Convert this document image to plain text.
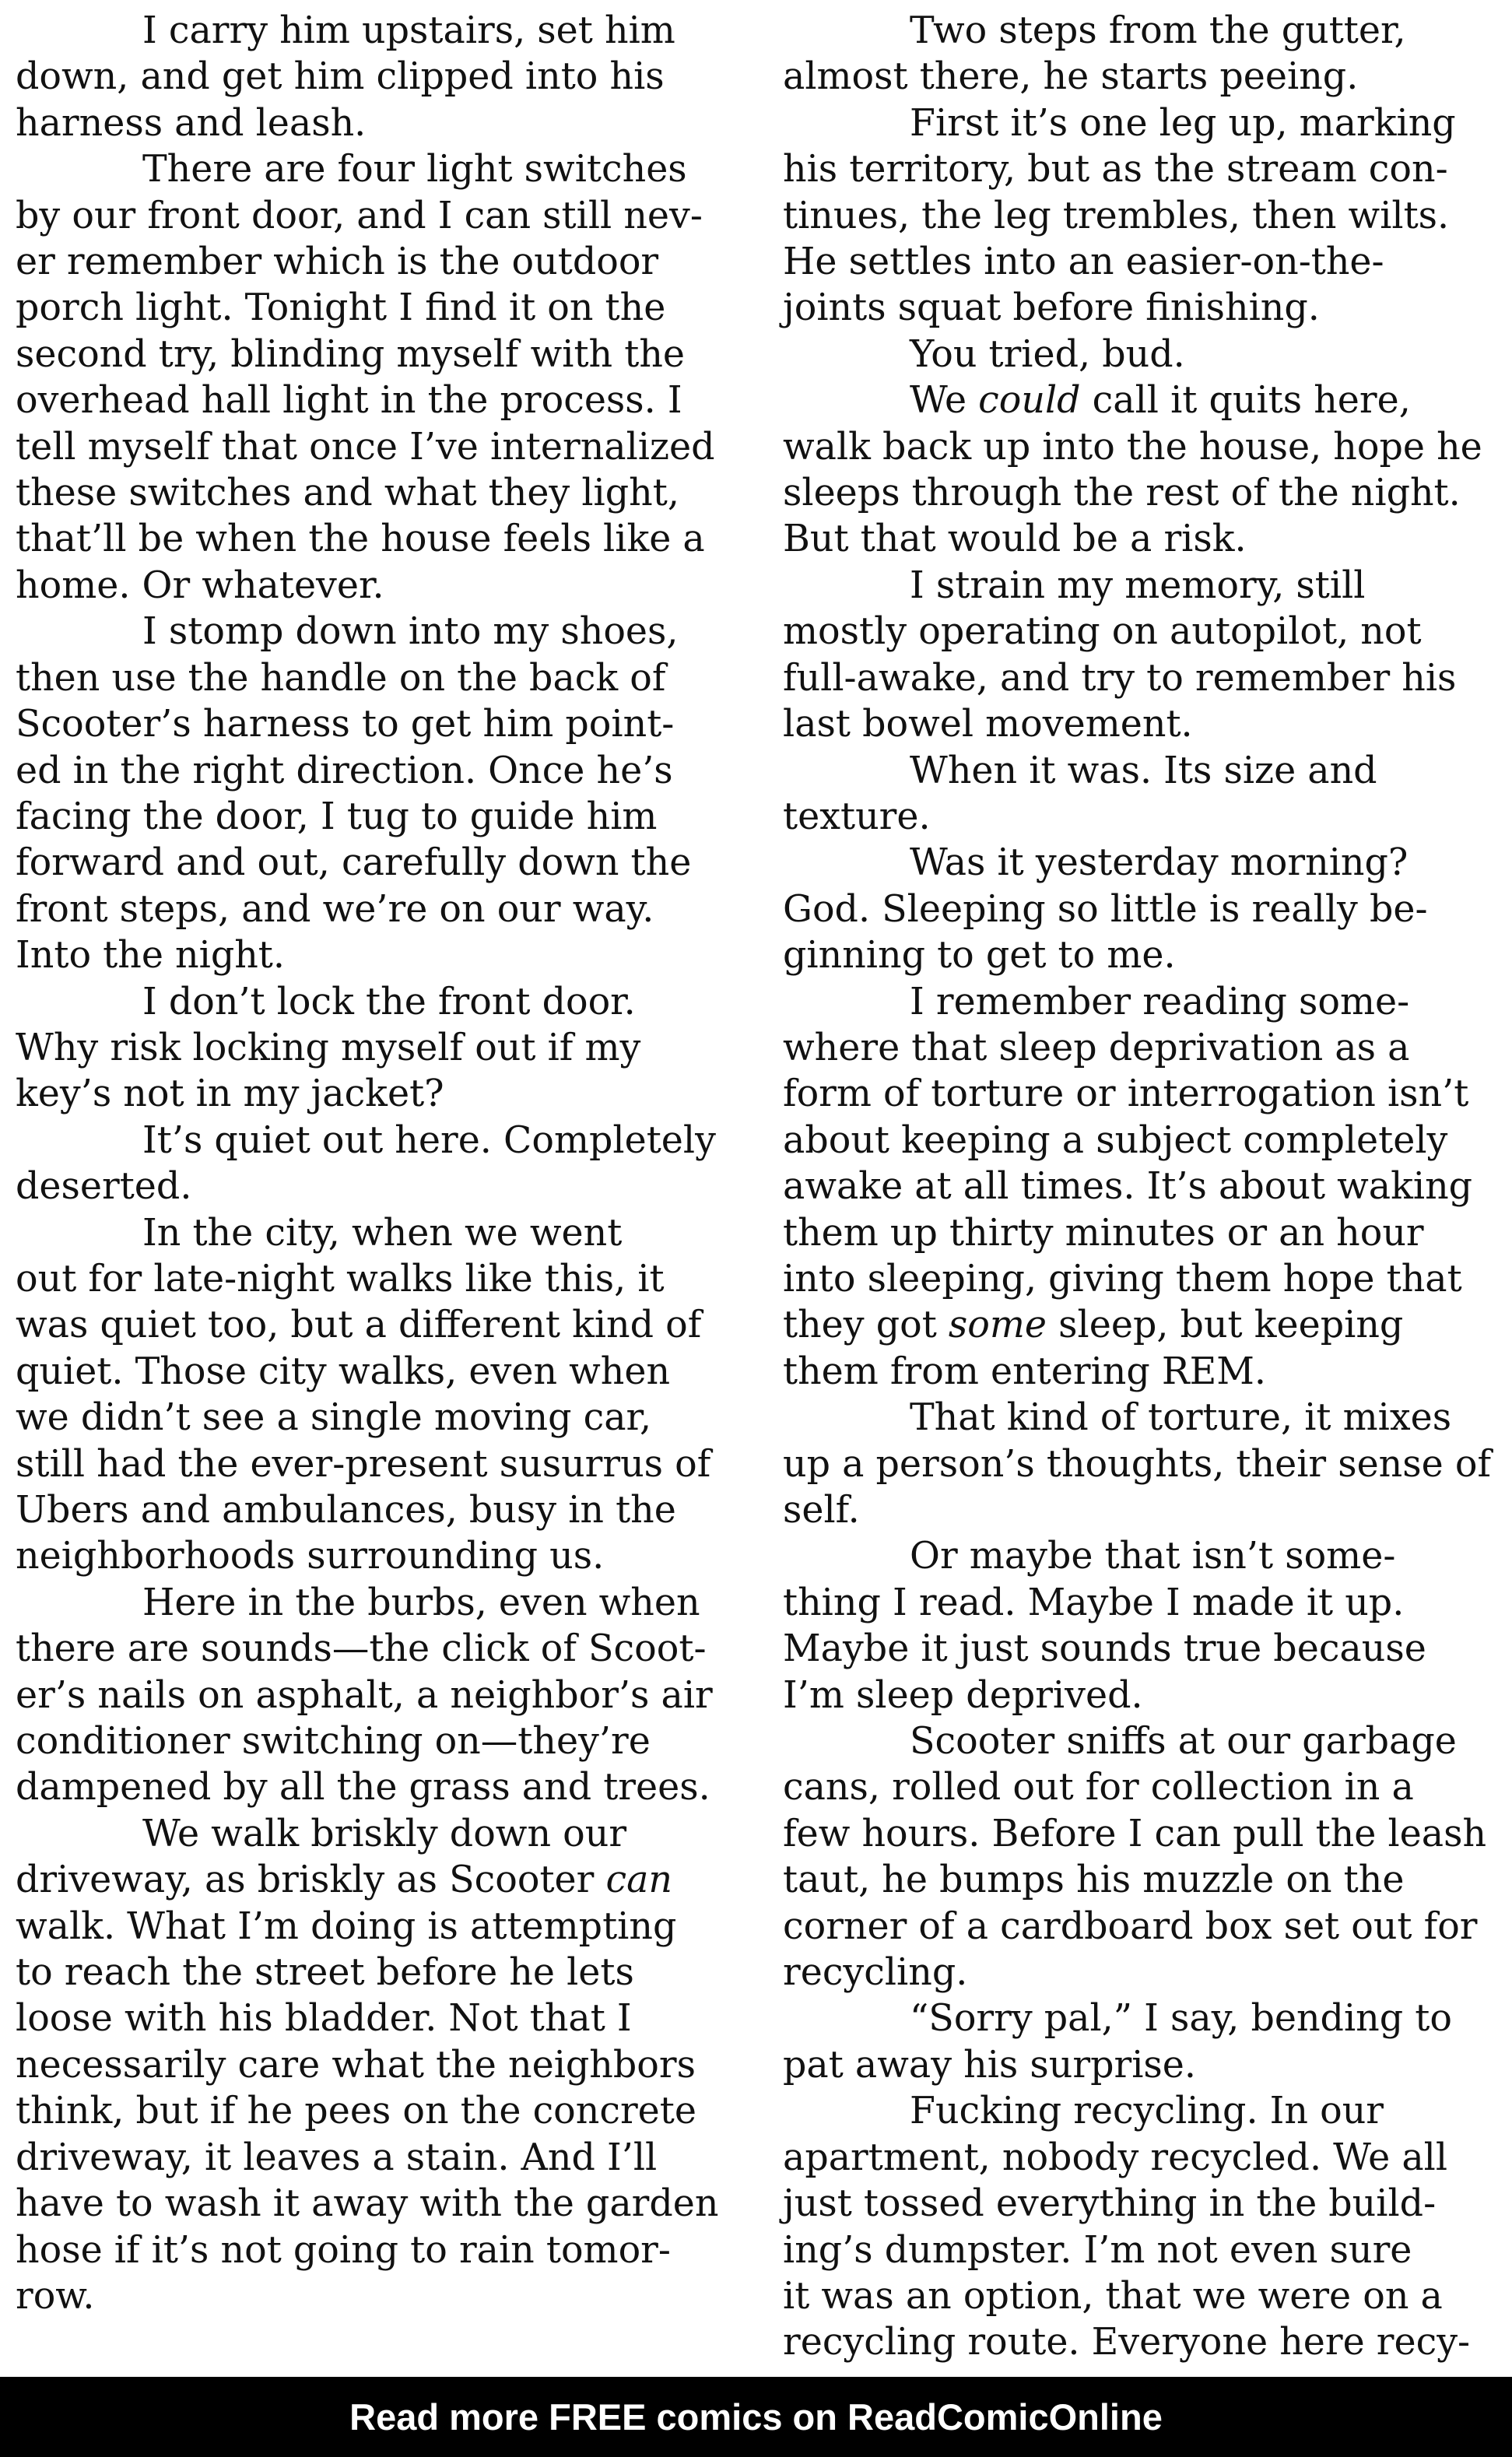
I carry him upstairs, set him
down, and get him clipped into his
harness and leash.
There are four light switches
by our front door, and I can still nev-
er remember which is the outdoor
porch light. Tonight I find it on the
second try, blinding myself with the
overhead hall light in the process. I
tell myself that once I’ve internalized
these switches and what they light,
that’ll be when the house feels like a
home. Or whatever.
I stomp down into my shoes,
then use the handle on the back of
Scooter’s harness to get him point-
ed in the right direction. Once he’s
facing the door, I tug to guide him
forward and out, carefully down the
front steps, and we’re on our way.
Into the night.
I don’t lock the front door.
Why risk locking myself out if my
key’s not in my jacket?
It’s quiet out here. Completely
deserted.
In the city, when we went
out for late-night walks like this, it
was quiet too, but a different kind of
quiet. Those city walks, even when
we didn’t see a single moving car,
still had the ever-present susurrus of
Ubers and ambulances, busy in the
neighborhoods surrounding us.
Here in the burbs, even when
there are sounds—the click of Scoot-
er’s nails on asphalt, a neighbor’s air
conditioner switching on—they’re
dampened by all the grass and trees.
We walk briskly down our
driveway, as briskly as Scooter can
walk. What I’m doing is attempting
to reach the street before he lets
loose with his bladder. Not that I
necessarily care what the neighbors
think, but if he pees on the concrete
driveway, it leaves a stain. And I’ll
have to wash it away with the garden
hose if it’s not going to rain tomor-
row.
Two steps from the gutter,
almost there, he starts peeing.
First it’s one leg up, marking
his territory, but as the stream con-
tinues, the leg trembles, then wilts.
He settles into an easier-on-the-
joints squat before finishing.
You tried, bud.
We could call it quits here,
walk back up into the house, hope he
sleeps through the rest of the night.
But that would be a risk.
I strain my memory, still
mostly operating on autopilot, not
full-awake, and try to remember his
last bowel movement.
When it was. Its size and
texture.
Was it yesterday morning?
God. Sleeping so little is really be-
ginning to get to me.
I remember reading some-
where that sleep deprivation as a
form of torture or interrogation isn’t
about keeping a subject completely
awake at all times. It’s about waking
them up thirty minutes or an hour
into sleeping, giving them hope that
they got some sleep, but keeping
them from entering REM.
That kind of torture, it mixes
up a person’s thoughts, their sense of
self.
Or maybe that isn’t some-
thing I read. Maybe I made it up.
Maybe it just sounds true because
I’m sleep deprived.
Scooter sniffs at our garbage
cans, rolled out for collection in a
few hours. Before I can pull the leash
taut, he bumps his muzzle on the
corner of a cardboard box set out for
recycling.
“Sorry pal,” I say, bending to
pat away his surprise.
Fucking recycling. In our
apartment, nobody recycled. We all
just tossed everything in the build-
ing’s dumpster. I’m not even sure
it was an option, that we were on a
recycling route. Everyone here recy-
Read more FREE comics on ReadComicOnline
